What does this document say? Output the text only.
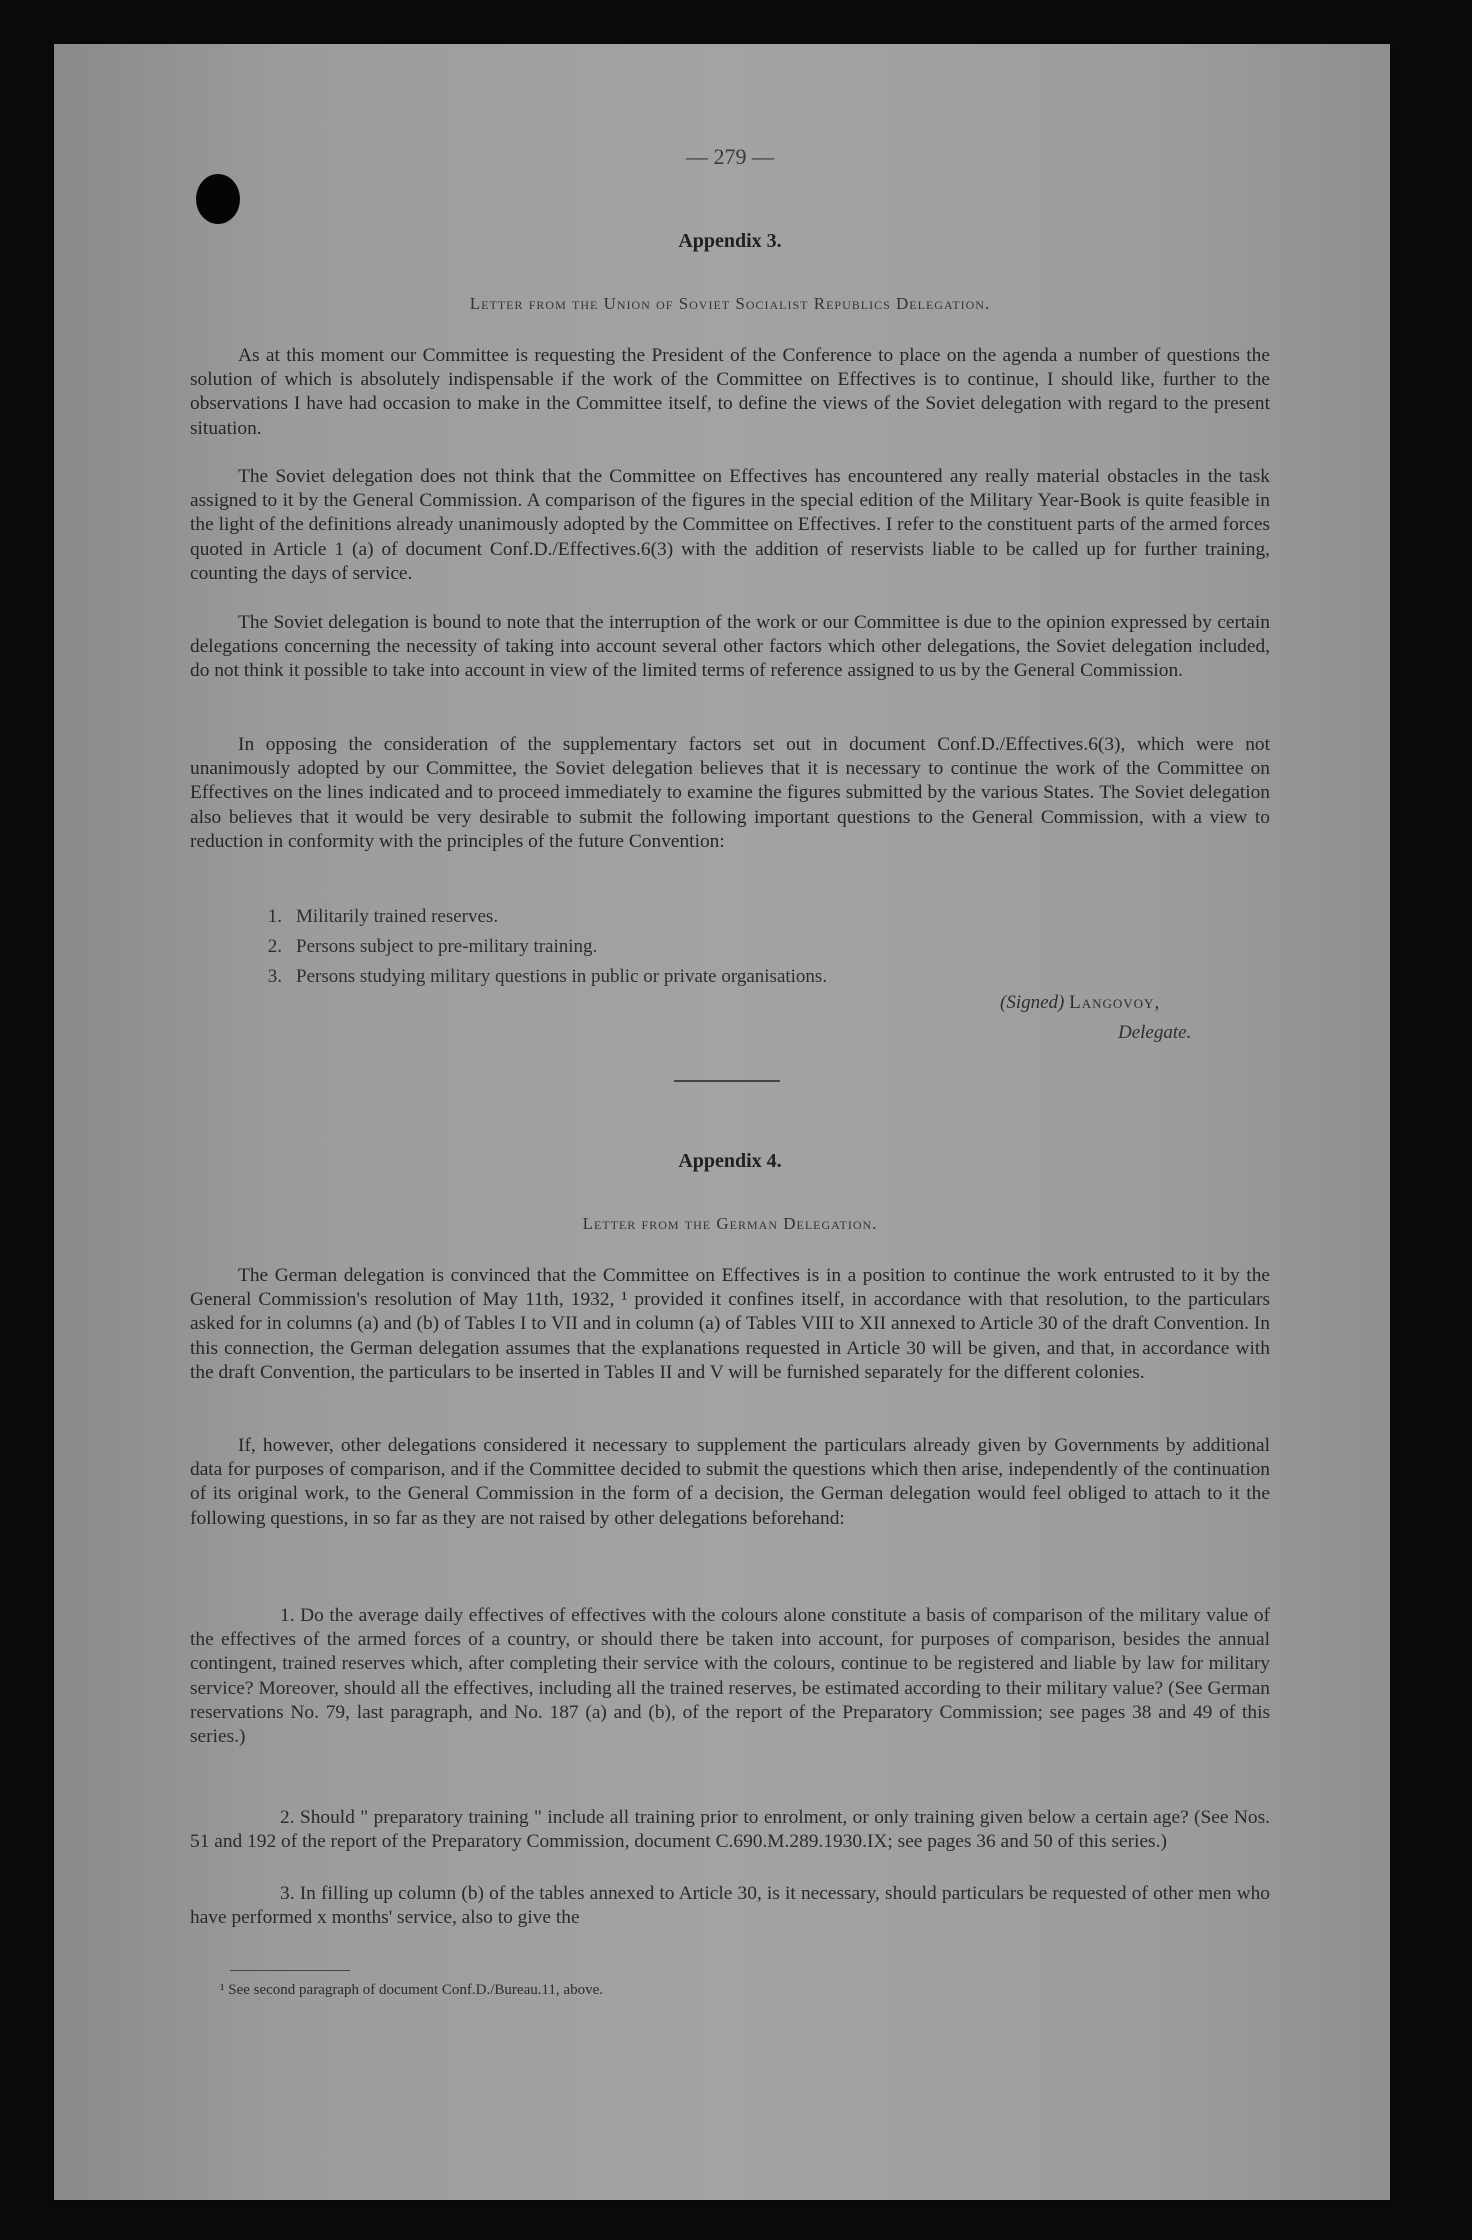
— 279 —
Appendix 3.
Letter from the Union of Soviet Socialist Republics Delegation.

As at this moment our Committee is requesting the President of the Conference to place on the agenda a number of questions the solution of which is absolutely indispensable if the work of the Committee on Effectives is to continue, I should like, further to the observations I have had occasion to make in the Committee itself, to define the views of the Soviet delegation with regard to the present situation.

The Soviet delegation does not think that the Committee on Effectives has encountered any really material obstacles in the task assigned to it by the General Commission. A comparison of the figures in the special edition of the Military Year-Book is quite feasible in the light of the definitions already unanimously adopted by the Committee on Effectives. I refer to the constituent parts of the armed forces quoted in Article 1 (a) of document Conf.D./Effectives.6(3) with the addition of reservists liable to be called up for further training, counting the days of service.

The Soviet delegation is bound to note that the interruption of the work or our Committee is due to the opinion expressed by certain delegations concerning the necessity of taking into account several other factors which other delegations, the Soviet delegation included, do not think it possible to take into account in view of the limited terms of reference assigned to us by the General Commission.

In opposing the consideration of the supplementary factors set out in document Conf.D./Effectives.6(3), which were not unanimously adopted by our Committee, the Soviet delegation believes that it is necessary to continue the work of the Committee on Effectives on the lines indicated and to proceed immediately to examine the figures submitted by the various States. The Soviet delegation also believes that it would be very desirable to submit the following important questions to the General Commission, with a view to reduction in conformity with the principles of the future Convention:

1. Militarily trained reserves.
2. Persons subject to pre-military training.
3. Persons studying military questions in public or private organisations.
(Signed) Langovoy,
Delegate.
Appendix 4.
Letter from the German Delegation.

The German delegation is convinced that the Committee on Effectives is in a position to continue the work entrusted to it by the General Commission's resolution of May 11th, 1932, ¹ provided it confines itself, in accordance with that resolution, to the particulars asked for in columns (a) and (b) of Tables I to VII and in column (a) of Tables VIII to XII annexed to Article 30 of the draft Convention. In this connection, the German delegation assumes that the explanations requested in Article 30 will be given, and that, in accordance with the draft Convention, the particulars to be inserted in Tables II and V will be furnished separately for the different colonies.

If, however, other delegations considered it necessary to supplement the particulars already given by Governments by additional data for purposes of comparison, and if the Committee decided to submit the questions which then arise, independently of the continuation of its original work, to the General Commission in the form of a decision, the German delegation would feel obliged to attach to it the following questions, in so far as they are not raised by other delegations beforehand:

1. Do the average daily effectives of effectives with the colours alone constitute a basis of comparison of the military value of the effectives of the armed forces of a country, or should there be taken into account, for purposes of comparison, besides the annual contingent, trained reserves which, after completing their service with the colours, continue to be registered and liable by law for military service? Moreover, should all the effectives, including all the trained reserves, be estimated according to their military value? (See German reservations No. 79, last paragraph, and No. 187 (a) and (b), of the report of the Preparatory Commission; see pages 38 and 49 of this series.)

2. Should " preparatory training " include all training prior to enrolment, or only training given below a certain age? (See Nos. 51 and 192 of the report of the Preparatory Commission, document C.690.M.289.1930.IX; see pages 36 and 50 of this series.)

3. In filling up column (b) of the tables annexed to Article 30, is it necessary, should particulars be requested of other men who have performed x months' service, also to give the

¹ See second paragraph of document Conf.D./Bureau.11, above.
